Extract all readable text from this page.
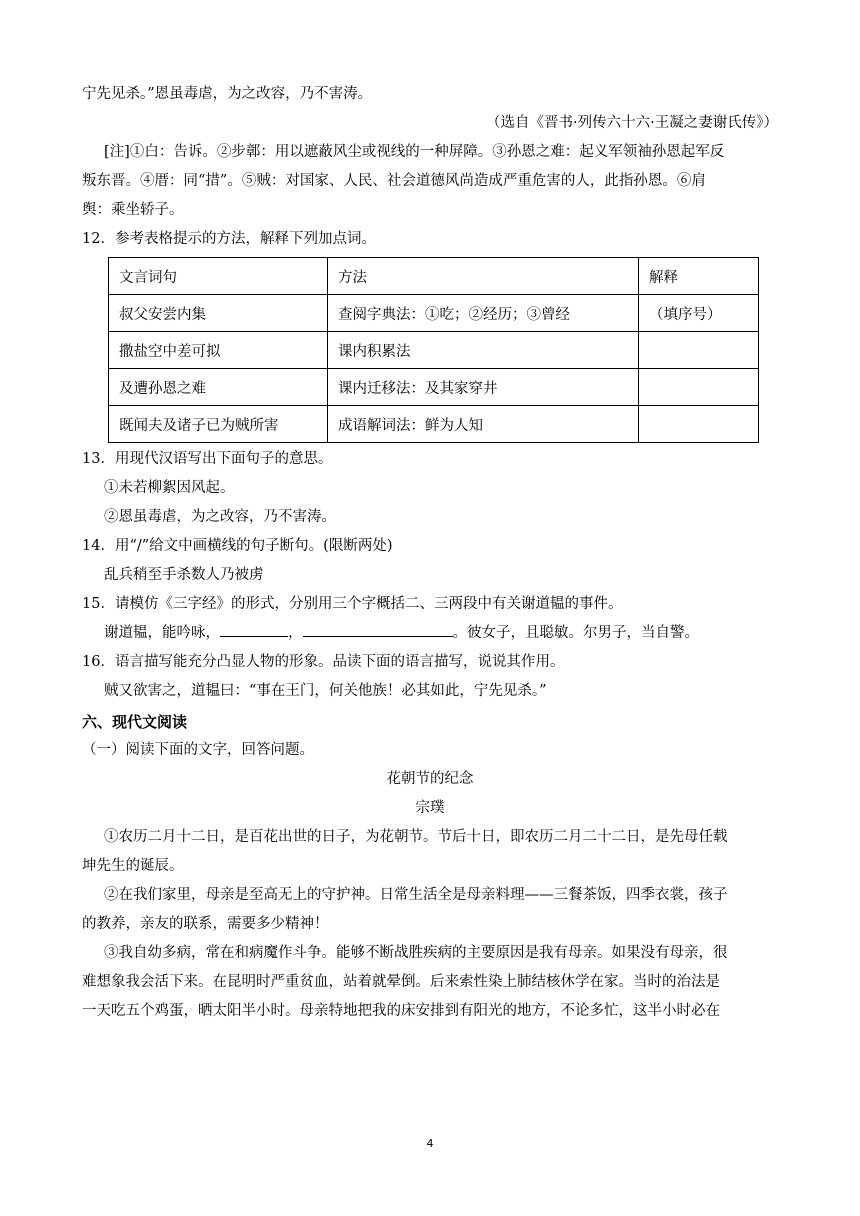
宁先见杀。”恩虽毒虐，为之改容，乃不害涛。
（选自《晋书·列传六十六·王凝之妻谢氏传》）
[注]①白：告诉。②步鄣：用以遮蔽风尘或视线的一种屏障。③孙恩之难：起义军领袖孙恩起军反
叛东晋。④厝：同“措”。⑤贼：对国家、人民、社会道德风尚造成严重危害的人，此指孙恩。⑥肩
舆：乘坐轿子。
12．参考表格提示的方法，解释下列加点词。
文言词句	方法	解释
叔父安尝内集	查阅字典法：①吃；②经历；③曾经	（填序号）
撒盐空中差可拟	课内积累法	
及遭孙恩之难	课内迁移法：及其家穿井	
既闻夫及诸子已为贼所害	成语解词法：鲜为人知	
13．用现代汉语写出下面句子的意思。
①未若柳絮因风起。
②恩虽毒虐，为之改容，乃不害涛。
14．用“/”给文中画横线的句子断句。(限断两处)
乱兵稍至手杀数人乃被虏
15．请模仿《三字经》的形式，分别用三个字概括二、三两段中有关谢道韫的事件。
谢道韫，能吟咏，	，	。彼女子，且聪敏。尔男子，当自警。
16．语言描写能充分凸显人物的形象。品读下面的语言描写，说说其作用。
贼又欲害之，道韫曰：“事在王门，何关他族！必其如此，宁先见杀。”
六、现代文阅读
（一）阅读下面的文字，回答问题。
花朝节的纪念
宗璞
①农历二月十二日，是百花出世的日子，为花朝节。节后十日，即农历二月二十二日，是先母任载
坤先生的诞辰。
②在我们家里，母亲是至高无上的守护神。日常生活全是母亲料理——三餐茶饭，四季衣裳，孩子
的教养，亲友的联系，需要多少精神！
③我自幼多病，常在和病魔作斗争。能够不断战胜疾病的主要原因是我有母亲。如果没有母亲，很
难想象我会活下来。在昆明时严重贫血，站着就晕倒。后来索性染上肺结核休学在家。当时的治法是
一天吃五个鸡蛋，晒太阳半小时。母亲特地把我的床安排到有阳光的地方，不论多忙，这半小时必在
4
